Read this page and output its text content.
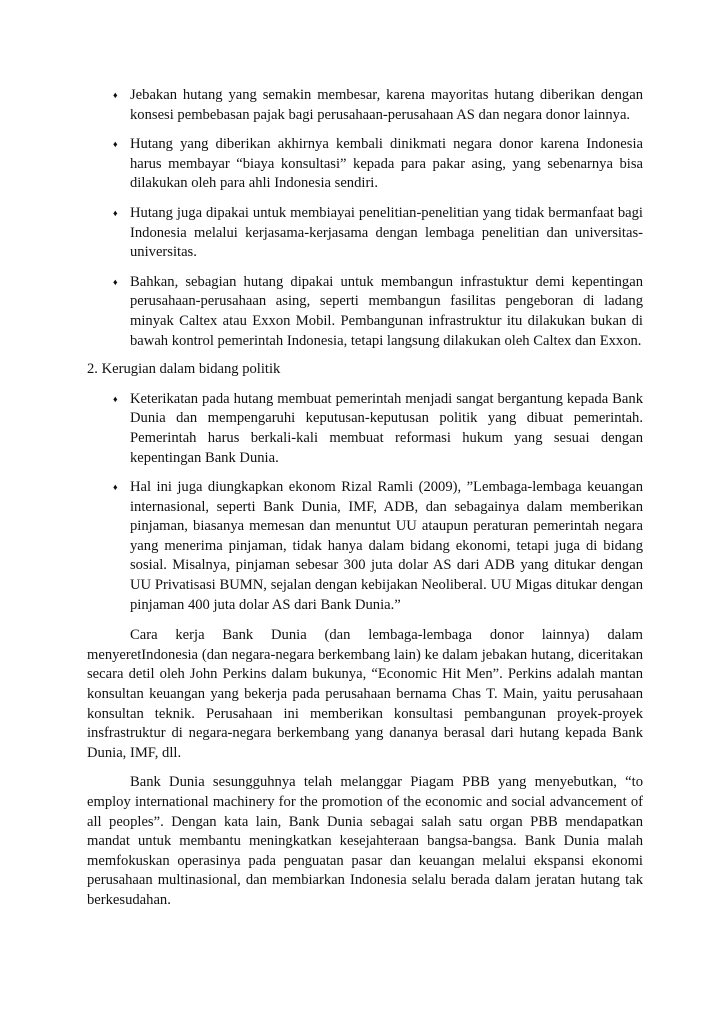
♦ Jebakan hutang yang semakin membesar, karena mayoritas hutang diberikan dengan konsesi pembebasan pajak bagi perusahaan-perusahaan AS dan negara donor lainnya.
♦ Hutang yang diberikan akhirnya kembali dinikmati negara donor karena Indonesia harus membayar “biaya konsultasi” kepada para pakar asing, yang sebenarnya bisa dilakukan oleh para ahli Indonesia sendiri.
♦ Hutang juga dipakai untuk membiayai penelitian-penelitian yang tidak bermanfaat bagi Indonesia melalui kerjasama-kerjasama dengan lembaga penelitian dan universitas-universitas.
♦ Bahkan, sebagian hutang dipakai untuk membangun infrastuktur demi kepentingan perusahaan-perusahaan asing, seperti membangun fasilitas pengeboran di ladang minyak Caltex atau Exxon Mobil. Pembangunan infrastruktur itu dilakukan bukan di bawah kontrol pemerintah Indonesia, tetapi langsung dilakukan oleh Caltex dan Exxon.
2. Kerugian dalam bidang politik
♦ Keterikatan pada hutang membuat pemerintah menjadi sangat bergantung kepada Bank Dunia dan mempengaruhi keputusan-keputusan politik yang dibuat pemerintah. Pemerintah harus berkali-kali membuat reformasi hukum yang sesuai dengan kepentingan Bank Dunia.
♦ Hal ini juga diungkapkan ekonom Rizal Ramli (2009), ”Lembaga-lembaga keuangan internasional, seperti Bank Dunia, IMF, ADB, dan sebagainya dalam memberikan pinjaman, biasanya memesan dan menuntut UU ataupun peraturan pemerintah negara yang menerima pinjaman, tidak hanya dalam bidang ekonomi, tetapi juga di bidang sosial. Misalnya, pinjaman sebesar 300 juta dolar AS dari ADB yang ditukar dengan UU Privatisasi BUMN, sejalan dengan kebijakan Neoliberal. UU Migas ditukar dengan pinjaman 400 juta dolar AS dari Bank Dunia.”

Cara kerja Bank Dunia (dan lembaga-lembaga donor lainnya) dalam menyeretIndonesia (dan negara-negara berkembang lain) ke dalam jebakan hutang, diceritakan secara detil oleh John Perkins dalam bukunya, “Economic Hit Men”. Perkins adalah mantan konsultan keuangan yang bekerja pada perusahaan bernama Chas T. Main, yaitu perusahaan konsultan teknik. Perusahaan ini memberikan konsultasi pembangunan proyek-proyek insfrastruktur di negara-negara berkembang yang dananya berasal dari hutang kepada Bank Dunia, IMF, dll.

Bank Dunia sesungguhnya telah melanggar Piagam PBB yang menyebutkan, “to employ international machinery for the promotion of the economic and social advancement of all peoples”. Dengan kata lain, Bank Dunia sebagai salah satu organ PBB mendapatkan mandat untuk membantu meningkatkan kesejahteraan bangsa-bangsa. Bank Dunia malah memfokuskan operasinya pada penguatan pasar dan keuangan melalui ekspansi ekonomi perusahaan multinasional, dan membiarkan Indonesia selalu berada dalam jeratan hutang tak berkesudahan.
